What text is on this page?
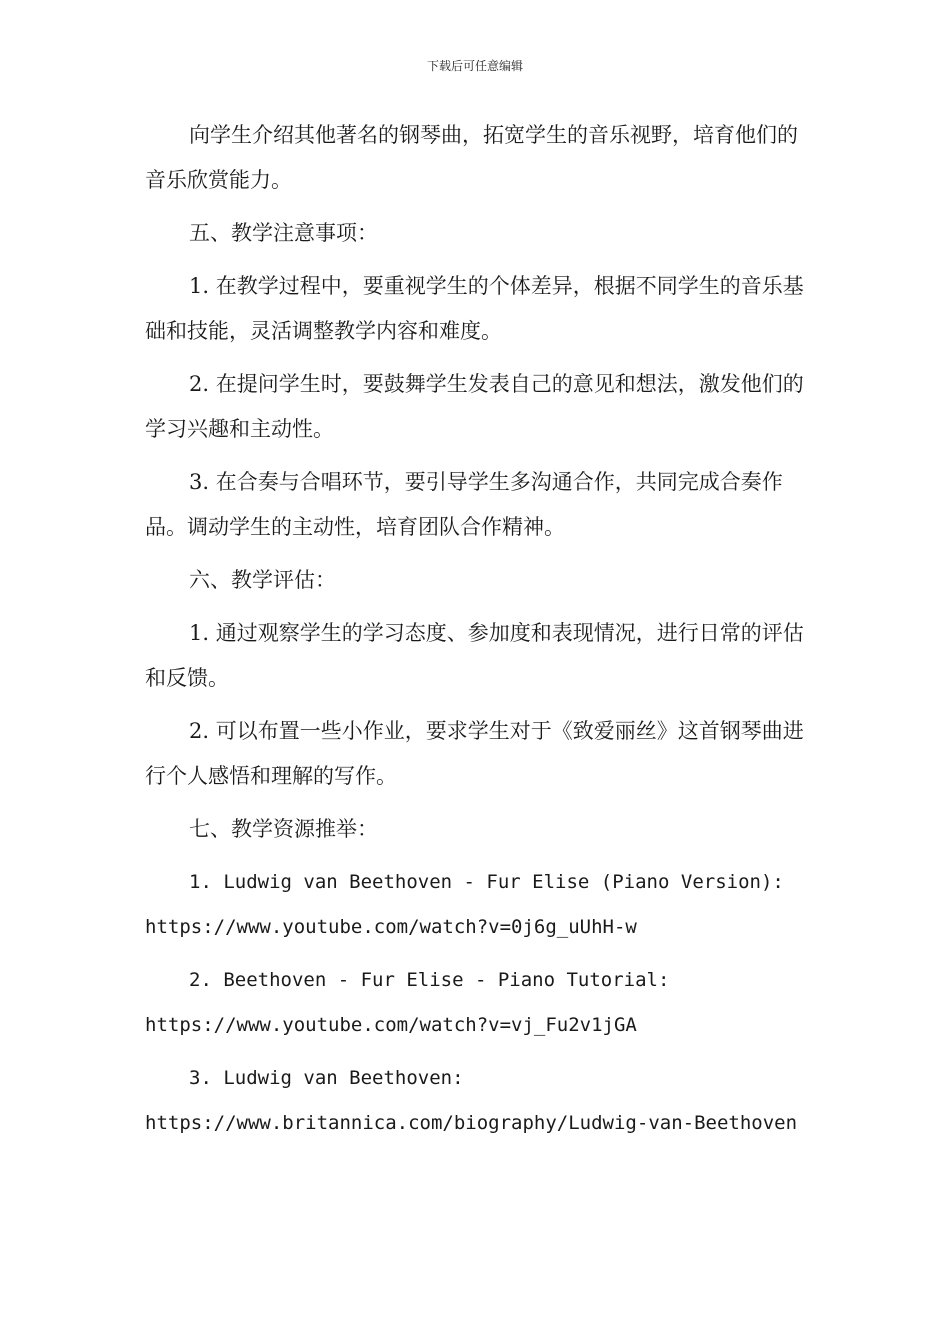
下载后可任意编辑

向学生介绍其他著名的钢琴曲，拓宽学生的音乐视野，培育他们的音乐欣赏能力。

五、教学注意事项：

1. 在教学过程中，要重视学生的个体差异，根据不同学生的音乐基础和技能，灵活调整教学内容和难度。

2. 在提问学生时，要鼓舞学生发表自己的意见和想法，激发他们的学习兴趣和主动性。

3. 在合奏与合唱环节，要引导学生多沟通合作，共同完成合奏作品。调动学生的主动性，培育团队合作精神。

六、教学评估：

1. 通过观察学生的学习态度、参加度和表现情况，进行日常的评估和反馈。

2. 可以布置一些小作业，要求学生对于《致爱丽丝》这首钢琴曲进行个人感悟和理解的写作。

七、教学资源推举：

1. Ludwig van Beethoven - Fur Elise (Piano Version):
https://www.youtube.com/watch?v=0j6g_uUhH-w

2. Beethoven - Fur Elise - Piano Tutorial:
https://www.youtube.com/watch?v=vj_Fu2v1jGA

3. Ludwig van Beethoven:
https://www.britannica.com/biography/Ludwig-van-Beethoven
